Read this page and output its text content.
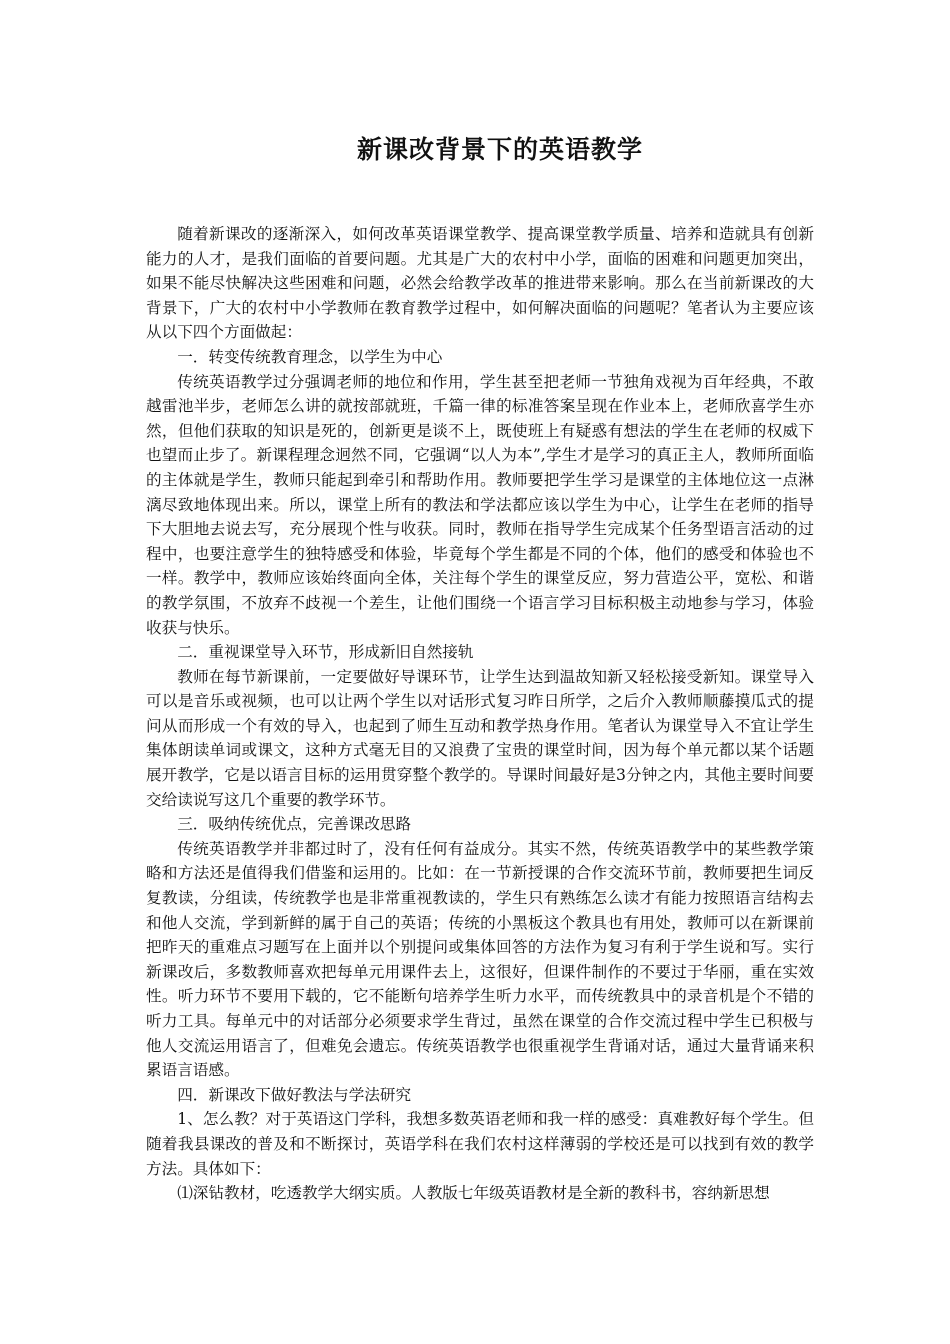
新课改背景下的英语教学

随着新课改的逐渐深入，如何改革英语课堂教学、提高课堂教学质量、培养和造就具有创新能力的人才，是我们面临的首要问题。尤其是广大的农村中小学，面临的困难和问题更加突出，如果不能尽快解决这些困难和问题，必然会给教学改革的推进带来影响。那么在当前新课改的大背景下，广大的农村中小学教师在教育教学过程中，如何解决面临的问题呢？笔者认为主要应该从以下四个方面做起：

一．转变传统教育理念，以学生为中心

传统英语教学过分强调老师的地位和作用，学生甚至把老师一节独角戏视为百年经典，不敢越雷池半步，老师怎么讲的就按部就班，千篇一律的标准答案呈现在作业本上，老师欣喜学生亦然，但他们获取的知识是死的，创新更是谈不上，既使班上有疑惑有想法的学生在老师的权威下也望而止步了。新课程理念迥然不同，它强调“以人为本”,学生才是学习的真正主人，教师所面临的主体就是学生，教师只能起到牵引和帮助作用。教师要把学生学习是课堂的主体地位这一点淋漓尽致地体现出来。所以，课堂上所有的教法和学法都应该以学生为中心，让学生在老师的指导下大胆地去说去写，充分展现个性与收获。同时，教师在指导学生完成某个任务型语言活动的过程中，也要注意学生的独特感受和体验，毕竟每个学生都是不同的个体，他们的感受和体验也不一样。教学中，教师应该始终面向全体，关注每个学生的课堂反应，努力营造公平，宽松、和谐的教学氛围，不放弃不歧视一个差生，让他们围绕一个语言学习目标积极主动地参与学习，体验收获与快乐。

二．重视课堂导入环节，形成新旧自然接轨

教师在每节新课前，一定要做好导课环节，让学生达到温故知新又轻松接受新知。课堂导入可以是音乐或视频，也可以让两个学生以对话形式复习昨日所学，之后介入教师顺藤摸瓜式的提问从而形成一个有效的导入，也起到了师生互动和教学热身作用。笔者认为课堂导入不宜让学生集体朗读单词或课文，这种方式毫无目的又浪费了宝贵的课堂时间，因为每个单元都以某个话题展开教学，它是以语言目标的运用贯穿整个教学的。导课时间最好是3分钟之内，其他主要时间要交给读说写这几个重要的教学环节。

三．吸纳传统优点，完善课改思路

传统英语教学并非都过时了，没有任何有益成分。其实不然，传统英语教学中的某些教学策略和方法还是值得我们借鉴和运用的。比如：在一节新授课的合作交流环节前，教师要把生词反复教读，分组读，传统教学也是非常重视教读的，学生只有熟练怎么读才有能力按照语言结构去和他人交流，学到新鲜的属于自己的英语；传统的小黑板这个教具也有用处，教师可以在新课前把昨天的重难点习题写在上面并以个别提问或集体回答的方法作为复习有利于学生说和写。实行新课改后，多数教师喜欢把每单元用课件去上，这很好，但课件制作的不要过于华丽，重在实效性。听力环节不要用下载的，它不能断句培养学生听力水平，而传统教具中的录音机是个不错的听力工具。每单元中的对话部分必须要求学生背过，虽然在课堂的合作交流过程中学生已积极与他人交流运用语言了，但难免会遗忘。传统英语教学也很重视学生背诵对话，通过大量背诵来积累语言语感。

四．新课改下做好教法与学法研究

1、怎么教？对于英语这门学科，我想多数英语老师和我一样的感受：真难教好每个学生。但随着我县课改的普及和不断探讨，英语学科在我们农村这样薄弱的学校还是可以找到有效的教学方法。具体如下：

⑴深钻教材，吃透教学大纲实质。人教版七年级英语教材是全新的教科书，容纳新思想
